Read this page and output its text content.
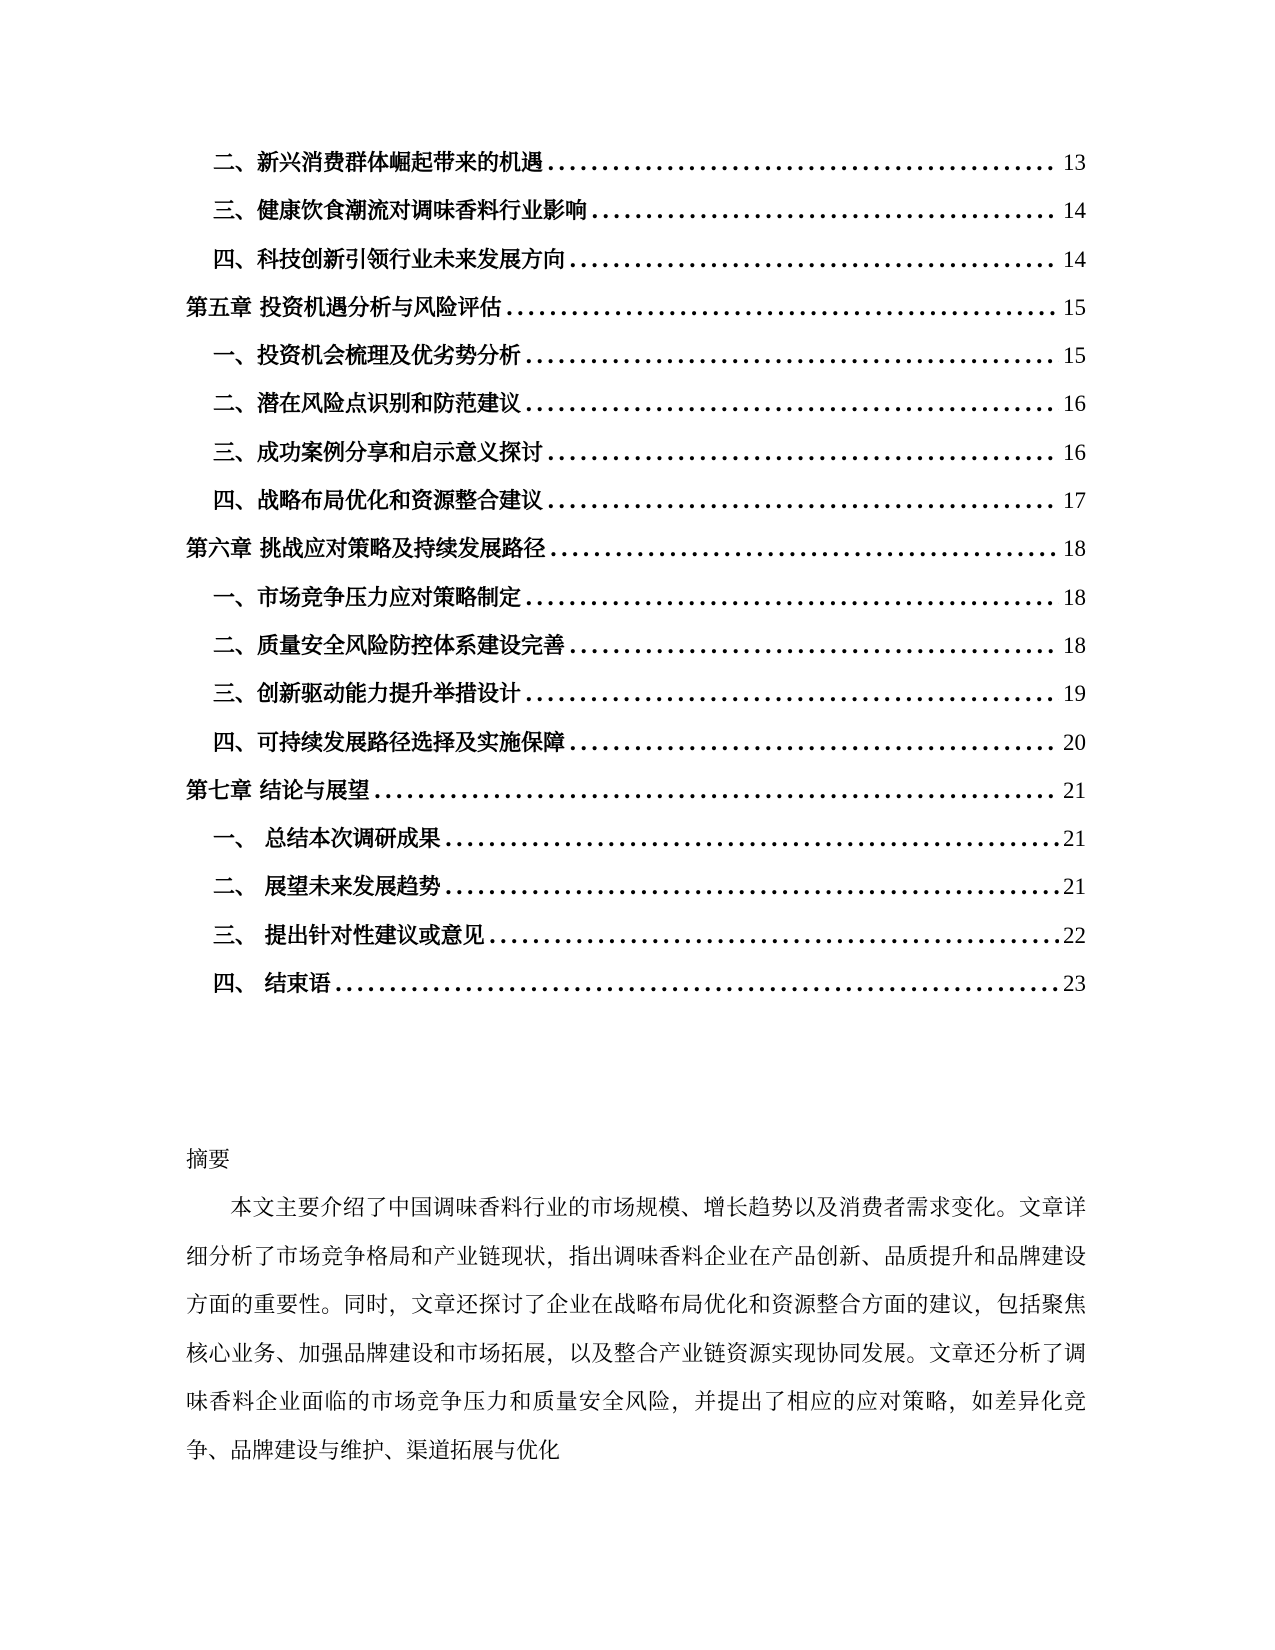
二、新兴消费群体崛起带来的机遇 .....	13
三、健康饮食潮流对调味香料行业影响 .....	14
四、科技创新引领行业未来发展方向 .....	14
第五章 投资机遇分析与风险评估 .....	15
一、投资机会梳理及优劣势分析 .....	15
二、潜在风险点识别和防范建议 .....	16
三、成功案例分享和启示意义探讨 .....	16
四、战略布局优化和资源整合建议 .....	17
第六章 挑战应对策略及持续发展路径 .....	18
一、市场竞争压力应对策略制定 .....	18
二、质量安全风险防控体系建设完善 .....	18
三、创新驱动能力提升举措设计 .....	19
四、可持续发展路径选择及实施保障 .....	20
第七章 结论与展望 .....	21
一、 总结本次调研成果 .....	21
二、 展望未来发展趋势 .....	21
三、 提出针对性建议或意见 .....	22
四、 结束语 .....	23
摘要

本文主要介绍了中国调味香料行业的市场规模、增长趋势以及消费者需求变化。文章详细分析了市场竞争格局和产业链现状，指出调味香料企业在产品创新、品质提升和品牌建设方面的重要性。同时，文章还探讨了企业在战略布局优化和资源整合方面的建议，包括聚焦核心业务、加强品牌建设和市场拓展，以及整合产业链资源实现协同发展。文章还分析了调味香料企业面临的市场竞争压力和质量安全风险，并提出了相应的应对策略，如差异化竞争、品牌建设与维护、渠道拓展与优化
